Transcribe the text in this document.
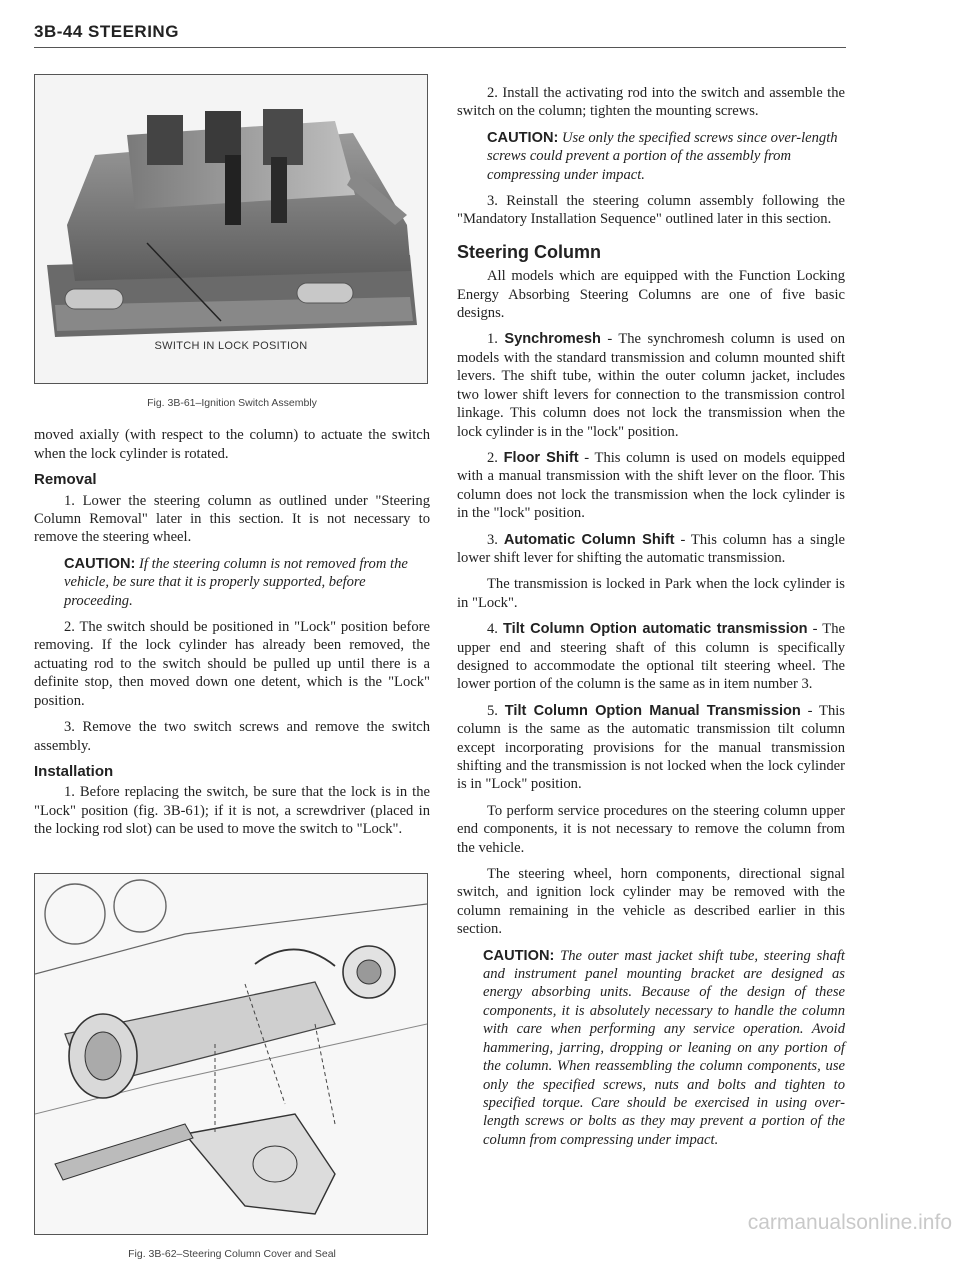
3B-44 STEERING
SWITCH IN LOCK POSITION
Fig. 3B-61–Ignition Switch Assembly

moved axially (with respect to the column) to actuate the switch when the lock cylinder is rotated.

Removal

1. Lower the steering column as outlined under "Steering Column Removal" later in this section. It is not necessary to remove the steering wheel.

CAUTION: If the steering column is not removed from the vehicle, be sure that it is properly supported, before proceeding.

2. The switch should be positioned in "Lock" position before removing. If the lock cylinder has already been removed, the actuating rod to the switch should be pulled up until there is a definite stop, then moved down one detent, which is the "Lock" position.

3. Remove the two switch screws and remove the switch assembly.

Installation

1. Before replacing the switch, be sure that the lock is in the "Lock" position (fig. 3B-61); if it is not, a screwdriver (placed in the locking rod slot) can be used to move the switch to "Lock".

Fig. 3B-62–Steering Column Cover and Seal

2. Install the activating rod into the switch and assemble the switch on the column; tighten the mounting screws.

CAUTION: Use only the specified screws since over-length screws could prevent a portion of the assembly from compressing under impact.

3. Reinstall the steering column assembly following the "Mandatory Installation Sequence" outlined later in this section.

Steering Column

All models which are equipped with the Function Locking Energy Absorbing Steering Columns are one of five basic designs.

1. Synchromesh - The synchromesh column is used on models with the standard transmission and column mounted shift levers. The shift tube, within the outer column jacket, includes two lower shift levers for connection to the transmission control linkage. This column does not lock the transmission when the lock cylinder is in the "lock" position.

2. Floor Shift - This column is used on models equipped with a manual transmission with the shift lever on the floor. This column does not lock the transmission when the lock cylinder is in the "lock" position.

3. Automatic Column Shift - This column has a single lower shift lever for shifting the automatic transmission.

The transmission is locked in Park when the lock cylinder is in "Lock".

4. Tilt Column Option automatic transmission - The upper end and steering shaft of this column is specifically designed to accommodate the optional tilt steering wheel. The lower portion of the column is the same as in item number 3.

5. Tilt Column Option Manual Transmission - This column is the same as the automatic transmission tilt column except incorporating provisions for the manual transmission shifting and the transmission is not locked when the lock cylinder is in "Lock" position.

To perform service procedures on the steering column upper end components, it is not necessary to remove the column from the vehicle.

The steering wheel, horn components, directional signal switch, and ignition lock cylinder may be removed with the column remaining in the vehicle as described earlier in this section.

CAUTION: The outer mast jacket shift tube, steering shaft and instrument panel mounting bracket are designed as energy absorbing units. Because of the design of these components, it is absolutely necessary to handle the column with care when performing any service operation. Avoid hammering, jarring, dropping or leaning on any portion of the column. When reassembling the column components, use only the specified screws, nuts and bolts and tighten to specified torque. Care should be exercised in using over-length screws or bolts as they may prevent a portion of the column from compressing under impact.

carmanualsonline.info
